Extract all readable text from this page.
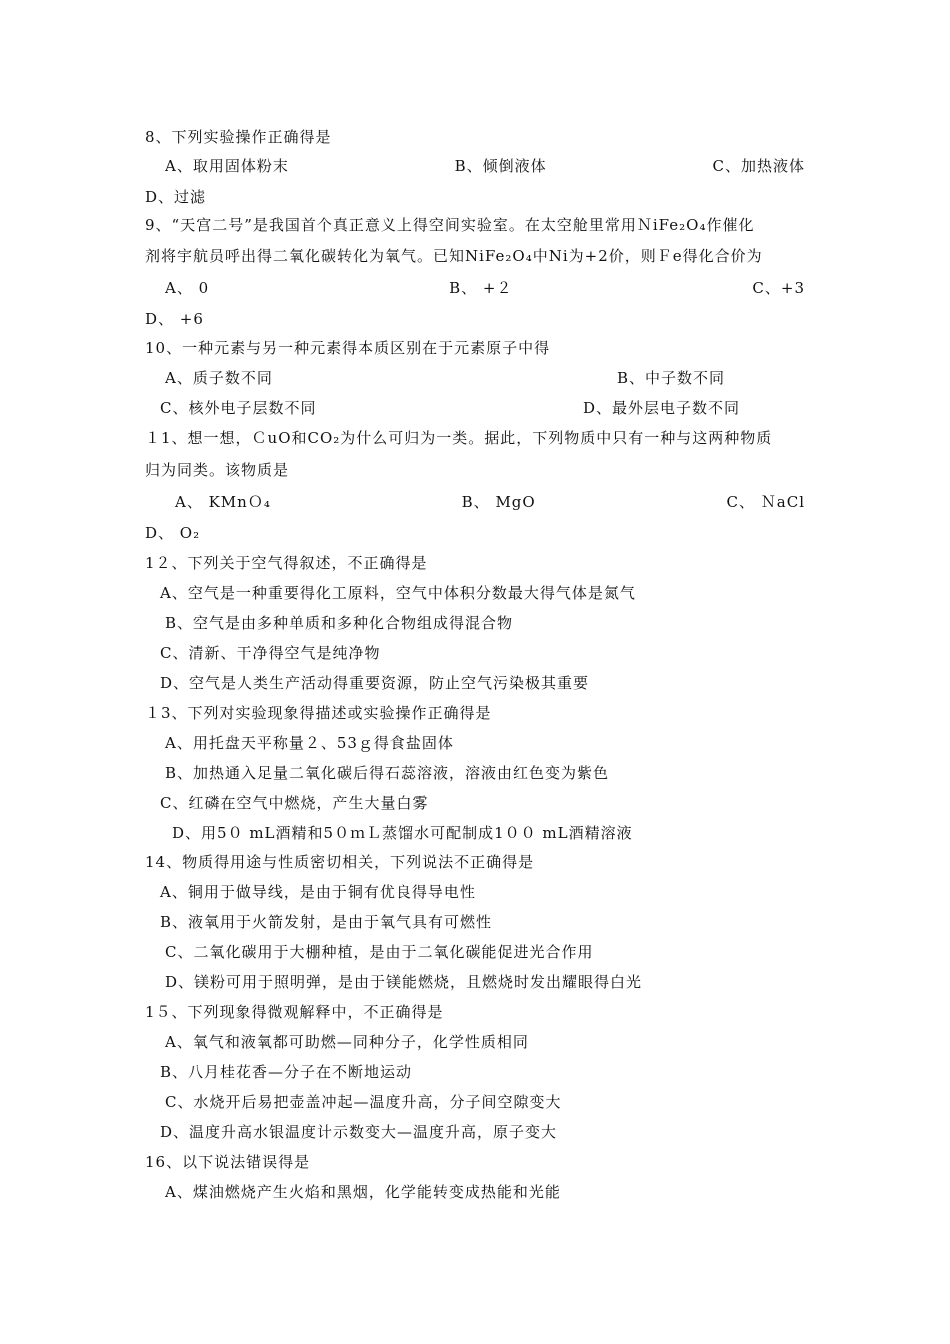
8、下列实验操作正确得是
A、取用固体粉末	B、倾倒液体	C、加热液体
D、过滤
9、“天宫二号”是我国首个真正意义上得空间实验室。在太空舱里常用ＮiFe₂O₄作催化
剂将宇航员呼出得二氧化碳转化为氧气。已知NiFe₂O₄中Ni为+2价，则Ｆe得化合价为
A、 0	B、 +２	C、+3
D、 +6
10、一种元素与另一种元素得本质区别在于元素原子中得
A、质子数不同	B、中子数不同
C、核外电子层数不同	D、最外层电子数不同
１1、想一想，ＣuO和CO₂为什么可归为一类。据此，下列物质中只有一种与这两种物质
归为同类。该物质是
A、 KMnＯ₄	B、 MgO	C、 ＮaCl
D、 O₂
1２、下列关于空气得叙述，不正确得是
A、空气是一种重要得化工原料，空气中体积分数最大得气体是氮气
B、空气是由多种单质和多种化合物组成得混合物
C、清新、干净得空气是纯净物
D、空气是人类生产活动得重要资源，防止空气污染极其重要
１3、下列对实验现象得描述或实验操作正确得是
A、用托盘天平称量２、53ｇ得食盐固体
B、加热通入足量二氧化碳后得石蕊溶液，溶液由红色变为紫色
C、红磷在空气中燃烧，产生大量白雾
D、用5０ mL酒精和5０ｍＬ蒸馏水可配制成1００ mL酒精溶液
14、物质得用途与性质密切相关，下列说法不正确得是
A、铜用于做导线，是由于铜有优良得导电性
B、液氧用于火箭发射，是由于氧气具有可燃性
C、二氧化碳用于大棚种植，是由于二氧化碳能促进光合作用
D、镁粉可用于照明弹，是由于镁能燃烧，且燃烧时发出耀眼得白光
1５、下列现象得微观解释中，不正确得是
A、氧气和液氧都可助燃—同种分子，化学性质相同
B、八月桂花香—分子在不断地运动
C、水烧开后易把壶盖冲起—温度升高，分子间空隙变大
D、温度升高水银温度计示数变大—温度升高，原子变大
16、以下说法错误得是
A、煤油燃烧产生火焰和黑烟，化学能转变成热能和光能
